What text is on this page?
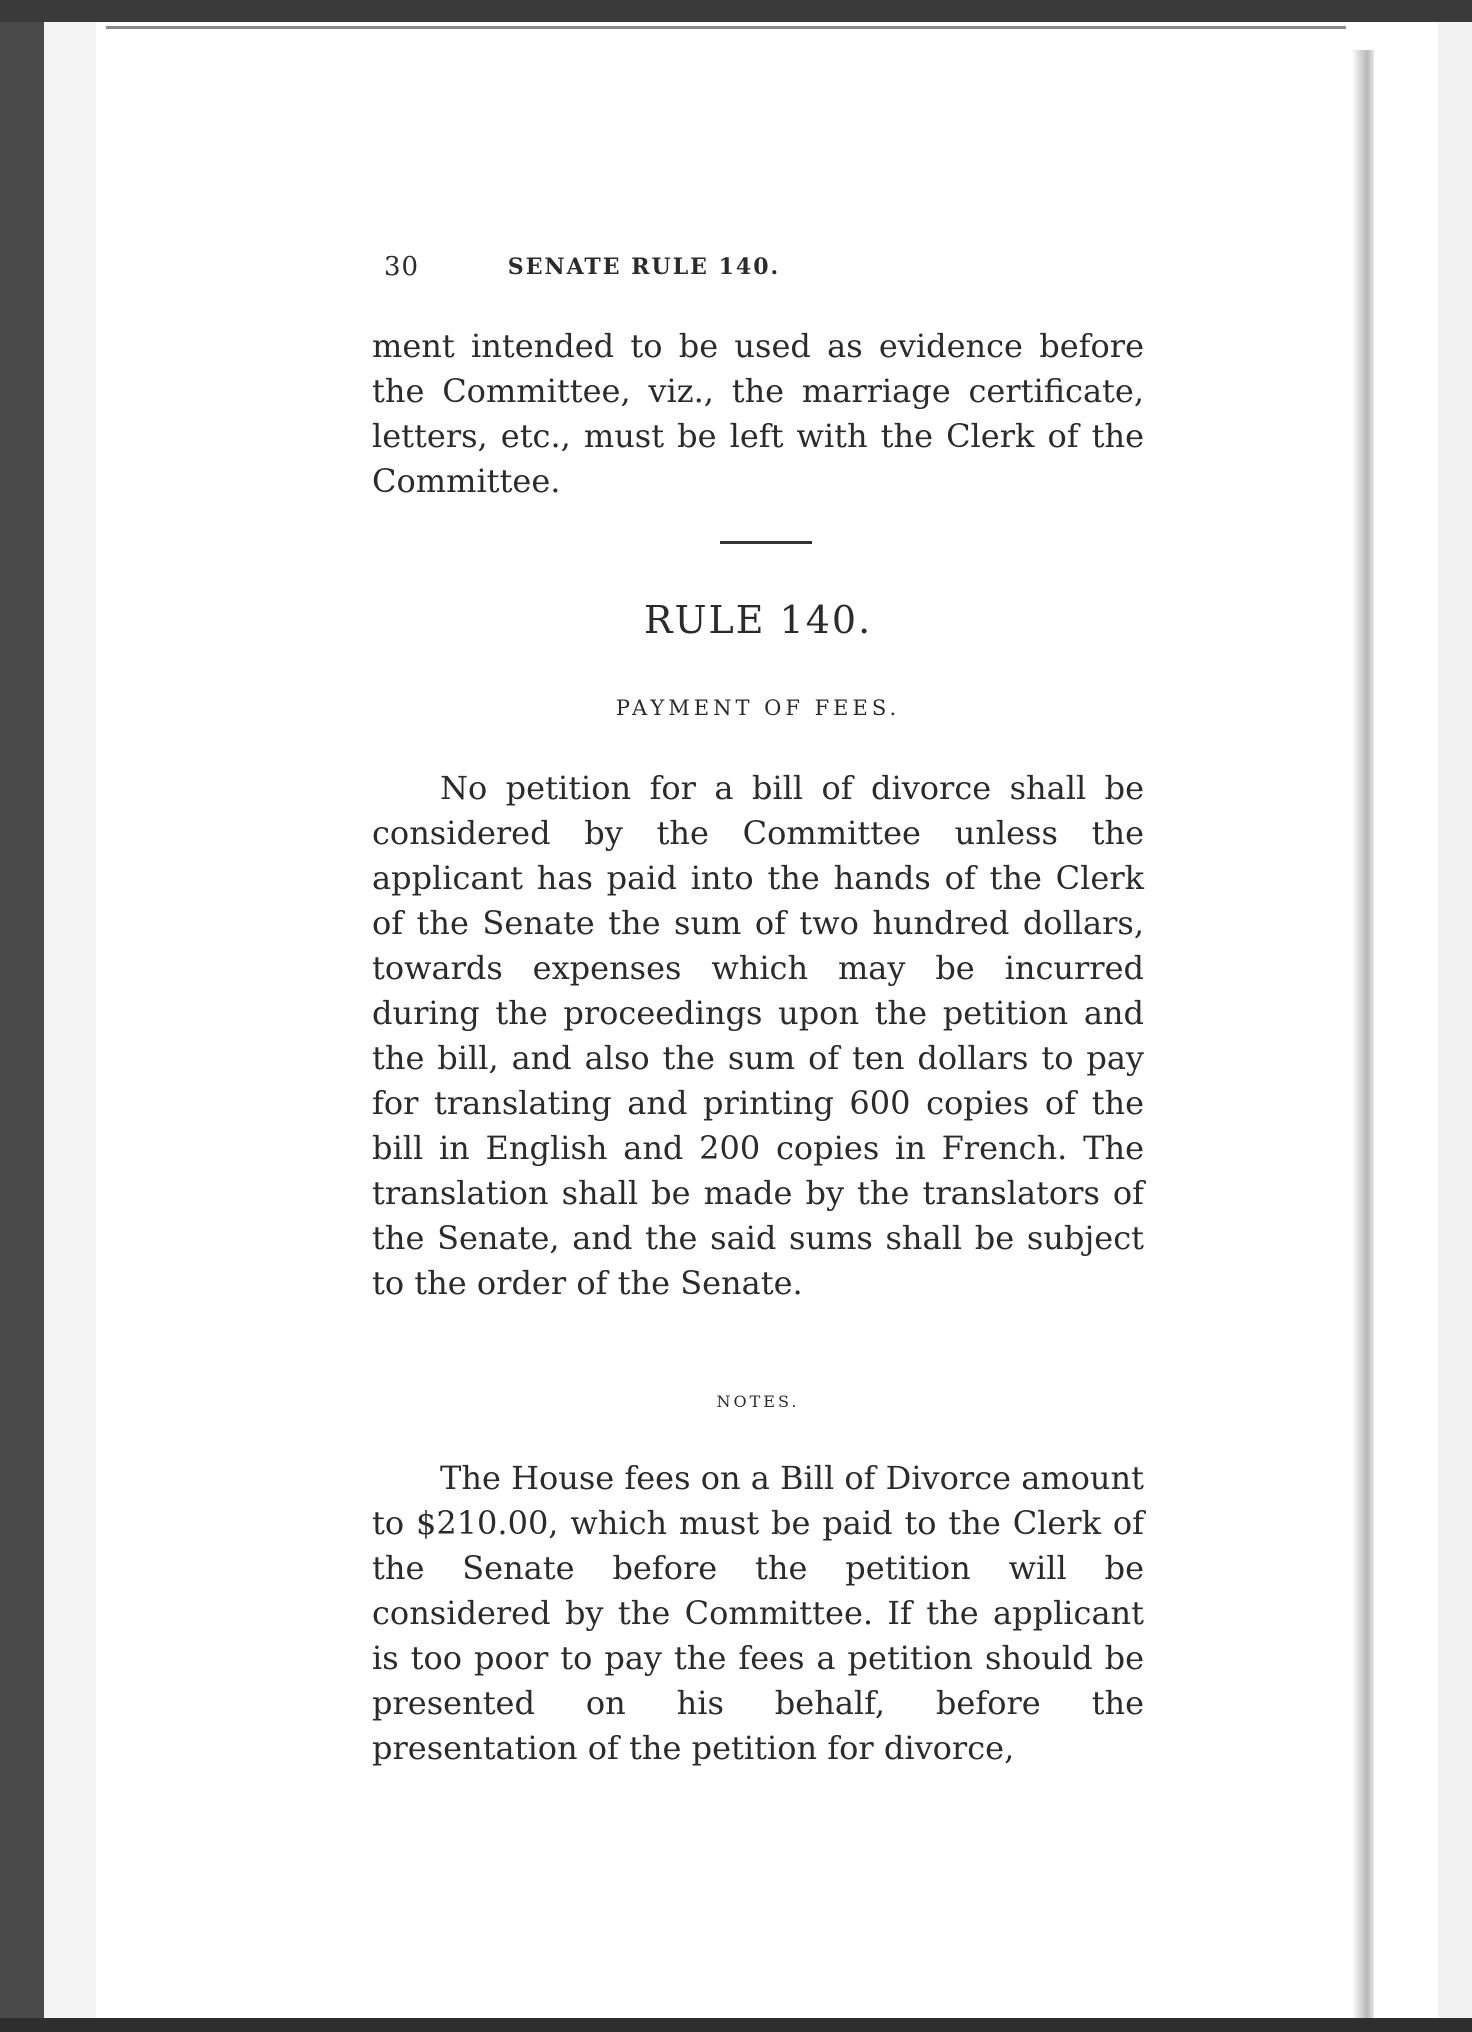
30	SENATE RULE 140.

ment intended to be used as evidence before the Committee, viz., the marriage certificate, letters, etc., must be left with the Clerk of the Committee.

RULE 140.
PAYMENT OF FEES.

No petition for a bill of divorce shall be considered by the Committee unless the applicant has paid into the hands of the Clerk of the Senate the sum of two hundred dollars, towards expenses which may be incurred during the proceedings upon the petition and the bill, and also the sum of ten dollars to pay for translating and printing 600 copies of the bill in English and 200 copies in French. The translation shall be made by the translators of the Senate, and the said sums shall be subject to the order of the Senate.

NOTES.

The House fees on a Bill of Divorce amount to $210.00, which must be paid to the Clerk of the Senate before the petition will be considered by the Committee. If the applicant is too poor to pay the fees a petition should be presented on his behalf, before the presentation of the petition for divorce,
